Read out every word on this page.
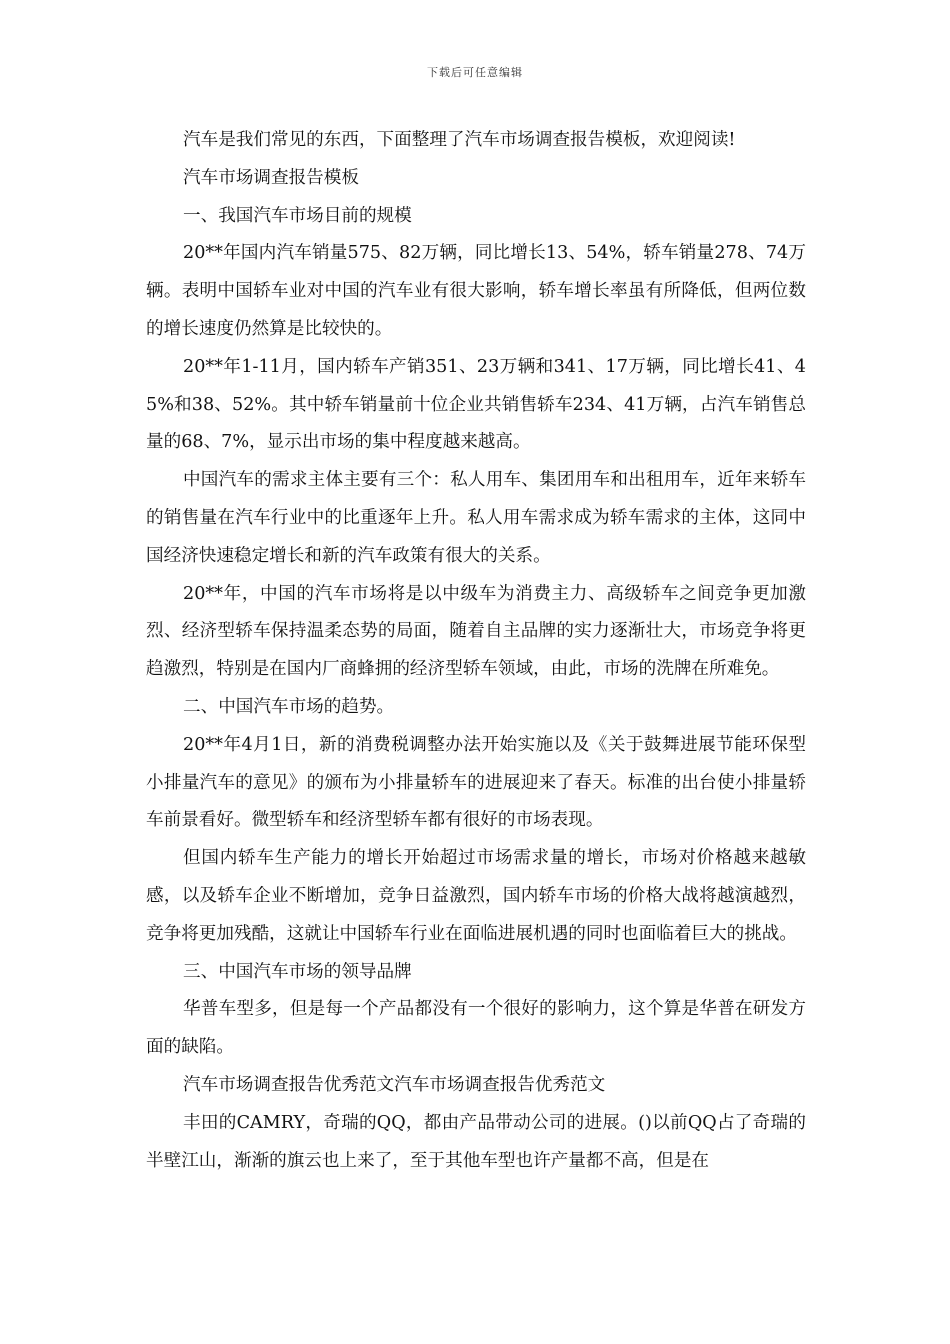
下载后可任意编辑

汽车是我们常见的东西，下面整理了汽车市场调查报告模板，欢迎阅读!

汽车市场调查报告模板

一、我国汽车市场目前的规模

20**年国内汽车销量575、82万辆，同比增长13、54%，轿车销量278、74万辆。表明中国轿车业对中国的汽车业有很大影响，轿车增长率虽有所降低，但两位数的增长速度仍然算是比较快的。

20**年1-11月，国内轿车产销351、23万辆和341、17万辆，同比增长41、45%和38、52%。其中轿车销量前十位企业共销售轿车234、41万辆，占汽车销售总量的68、7%，显示出市场的集中程度越来越高。

中国汽车的需求主体主要有三个：私人用车、集团用车和出租用车，近年来轿车的销售量在汽车行业中的比重逐年上升。私人用车需求成为轿车需求的主体，这同中国经济快速稳定增长和新的汽车政策有很大的关系。

20**年，中国的汽车市场将是以中级车为消费主力、高级轿车之间竞争更加激烈、经济型轿车保持温柔态势的局面，随着自主品牌的实力逐渐壮大，市场竞争将更趋激烈，特别是在国内厂商蜂拥的经济型轿车领域，由此，市场的洗牌在所难免。

二、中国汽车市场的趋势。

20**年4月1日，新的消费税调整办法开始实施以及《关于鼓舞进展节能环保型小排量汽车的意见》的颁布为小排量轿车的进展迎来了春天。标准的出台使小排量轿车前景看好。微型轿车和经济型轿车都有很好的市场表现。

但国内轿车生产能力的增长开始超过市场需求量的增长，市场对价格越来越敏感，以及轿车企业不断增加，竞争日益激烈，国内轿车市场的价格大战将越演越烈，竞争将更加残酷，这就让中国轿车行业在面临进展机遇的同时也面临着巨大的挑战。

三、中国汽车市场的领导品牌

华普车型多，但是每一个产品都没有一个很好的影响力，这个算是华普在研发方面的缺陷。

汽车市场调查报告优秀范文汽车市场调查报告优秀范文

丰田的CAMRY，奇瑞的QQ，都由产品带动公司的进展。()以前QQ占了奇瑞的半壁江山，渐渐的旗云也上来了，至于其他车型也许产量都不高，但是在
